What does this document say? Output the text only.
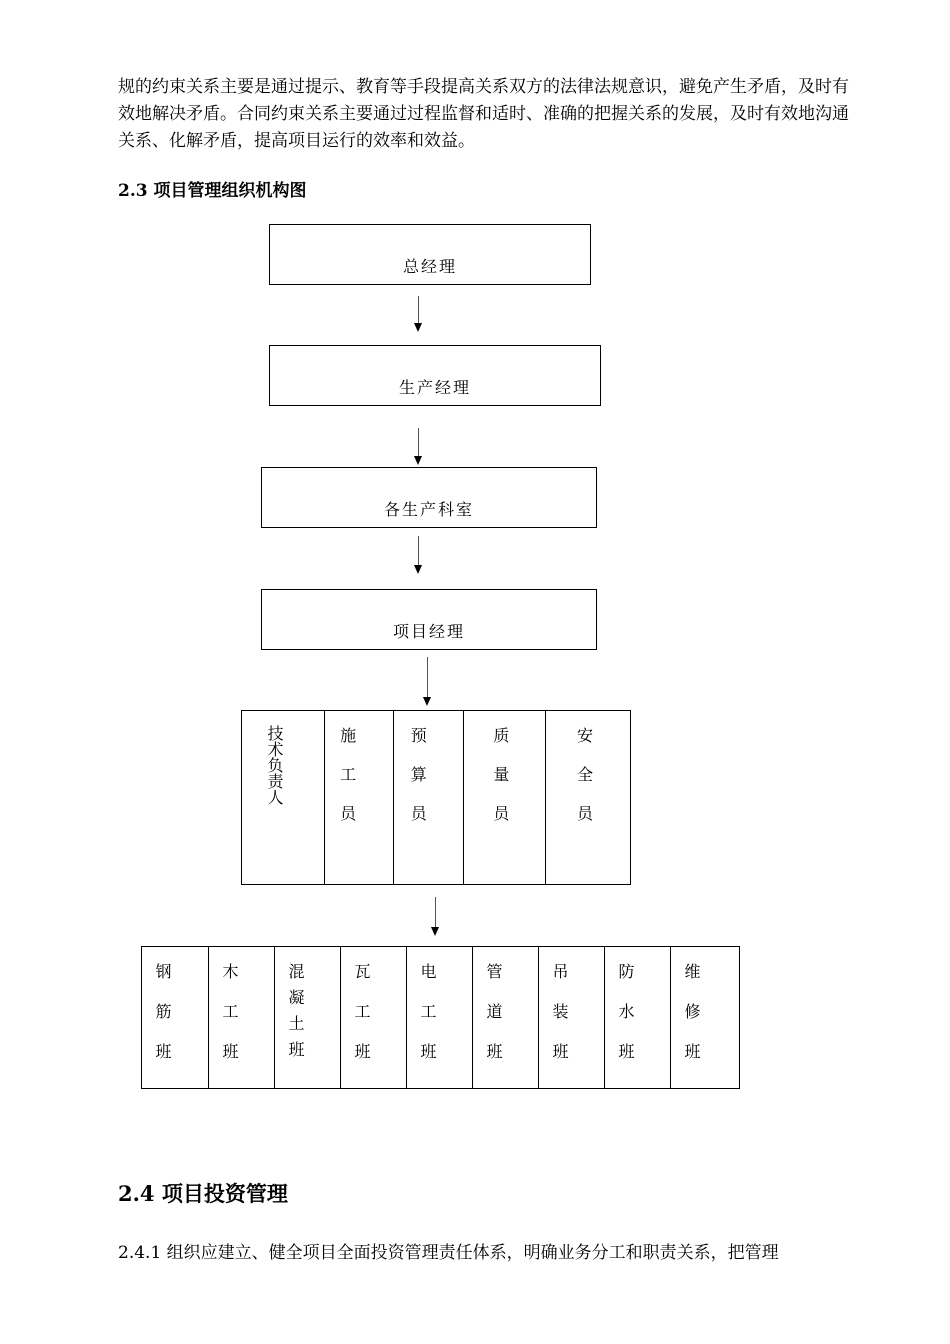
规的约束关系主要是通过提示、教育等手段提高关系双方的法律法规意识，避免产生矛盾，及时有效地解决矛盾。合同约束关系主要通过过程监督和适时、准确的把握关系的发展，及时有效地沟通关系、化解矛盾，提高项目运行的效率和效益。
2.3 项目管理组织机构图
总经理
生产经理
各生产科室
项目经理
技术负责人	施工员	预算员	质量员	安全员
钢筋班	木工班	混凝土班	瓦工班	电工班	管道班	吊装班	防水班	维修班
2.4 项目投资管理
2.4.1 组织应建立、健全项目全面投资管理责任体系，明确业务分工和职责关系，把管理
